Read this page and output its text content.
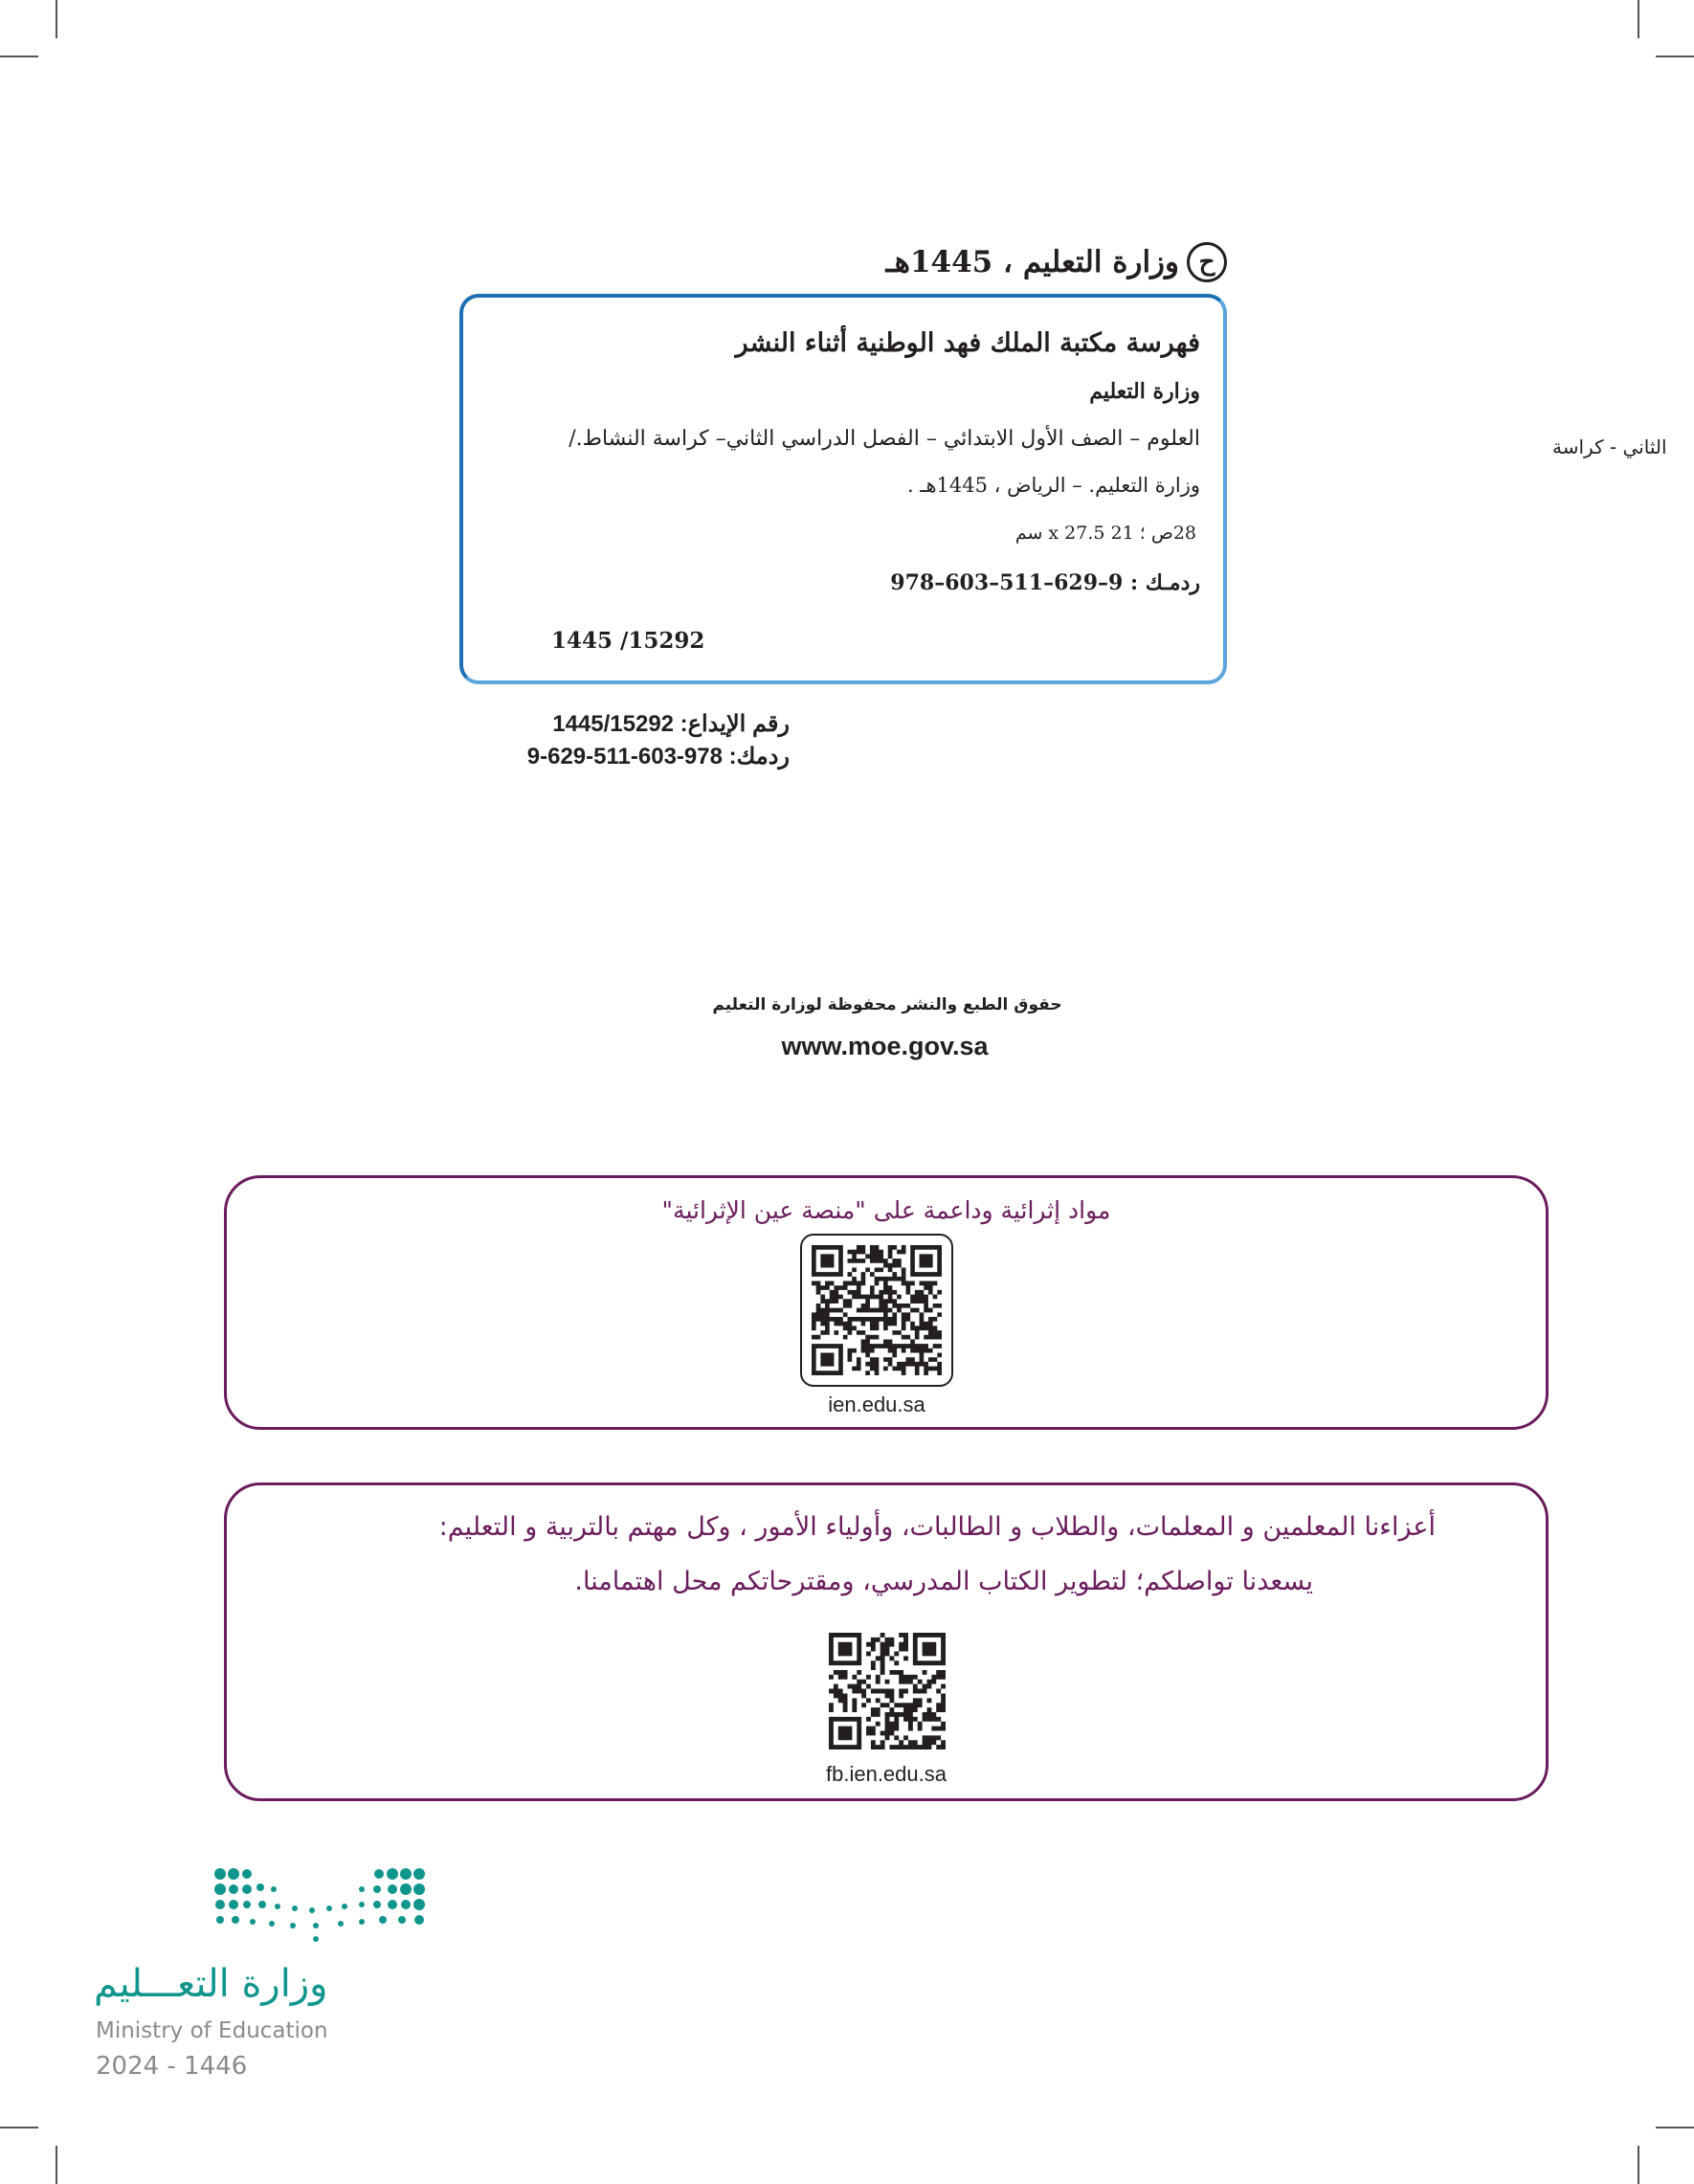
ح
وزارة التعليم ، 1445هـ
فهرسة مكتبة الملك فهد الوطنية أثناء النشر
وزارة التعليم
العلوم – الصف الأول الابتدائي – الفصل الدراسي الثاني– كراسة النشاط./
وزارة التعليم. – الرياض ، 1445هـ .
28ص ؛ 21 x 27.5 سم
ردمـك : 9–629–511–603–978
1445 /15292
رقم الإيداع: 1445/15292
ردمك: 978-603-511-629-9
الثاني - كراسة
حقوق الطبع والنشر محفوظة لوزارة التعليم
www.moe.gov.sa
مواد إثرائية وداعمة على "منصة عين الإثرائية"
ien.edu.sa
أعزاءنا المعلمين و المعلمات، والطلاب و الطالبات، وأولياء الأمور ، وكل مهتم بالتربية و التعليم:
يسعدنا تواصلكم؛ لتطوير الكتاب المدرسي، ومقترحاتكم محل اهتمامنا.
fb.ien.edu.sa
وزارة التعـــليم
Ministry of Education
2024 - 1446
